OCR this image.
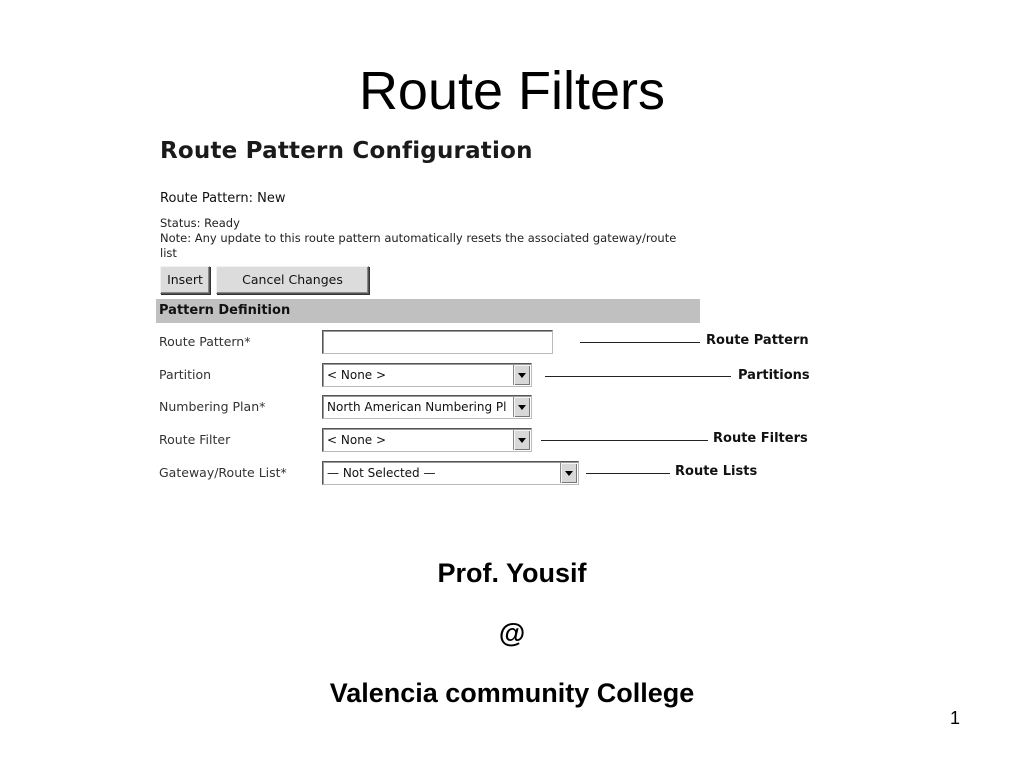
Route Filters
Route Pattern Configuration
Route Pattern: New
Status: Ready
Note: Any update to this route pattern automatically resets the associated gateway/route
list
Insert	Cancel Changes
Pattern Definition
Route Pattern*
Partition	< None >
Numbering Plan*	North American Numbering Pl
Route Filter	< None >
Gateway/Route List*	— Not Selected —
Route Pattern
Partitions
Route Filters
Route Lists
Prof. Yousif
@
Valencia community College
1
